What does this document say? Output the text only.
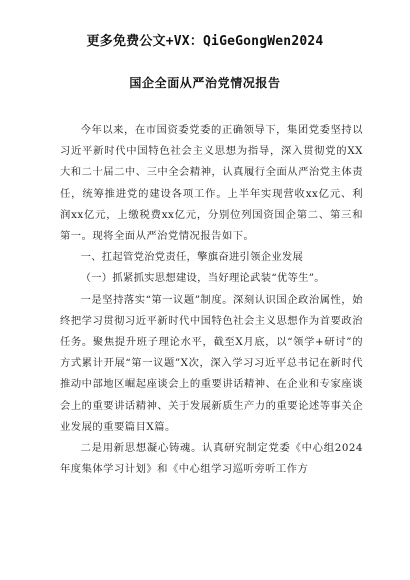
更多免费公文+VX：QiGeGongWen2024
国企全面从严治党情况报告

今年以来，在市国资委党委的正确领导下，集团党委坚持以习近平新时代中国特色社会主义思想为指导，深入贯彻党的XX大和二十届二中、三中全会精神，认真履行全面从严治党主体责任，统筹推进党的建设各项工作。上半年实现营收xx亿元、利润xx亿元，上缴税费xx亿元，分别位列国资国企第二、第三和第一。现将全面从严治党情况报告如下。

一、扛起管党治党责任，擎旗奋进引领企业发展

（一）抓紧抓实思想建设，当好理论武装“优等生”。

一是坚持落实“第一议题”制度。深刻认识国企政治属性，始终把学习贯彻习近平新时代中国特色社会主义思想作为首要政治任务。聚焦提升班子理论水平，截至X月底，以“领学+研讨”的方式累计开展“第一议题”X次，深入学习习近平总书记在新时代推动中部地区崛起座谈会上的重要讲话精神、在企业和专家座谈会上的重要讲话精神、关于发展新质生产力的重要论述等事关企业发展的重要篇目X篇。

二是用新思想凝心铸魂。认真研究制定党委《中心组2024年度集体学习计划》和《中心组学习巡听旁听工作方
